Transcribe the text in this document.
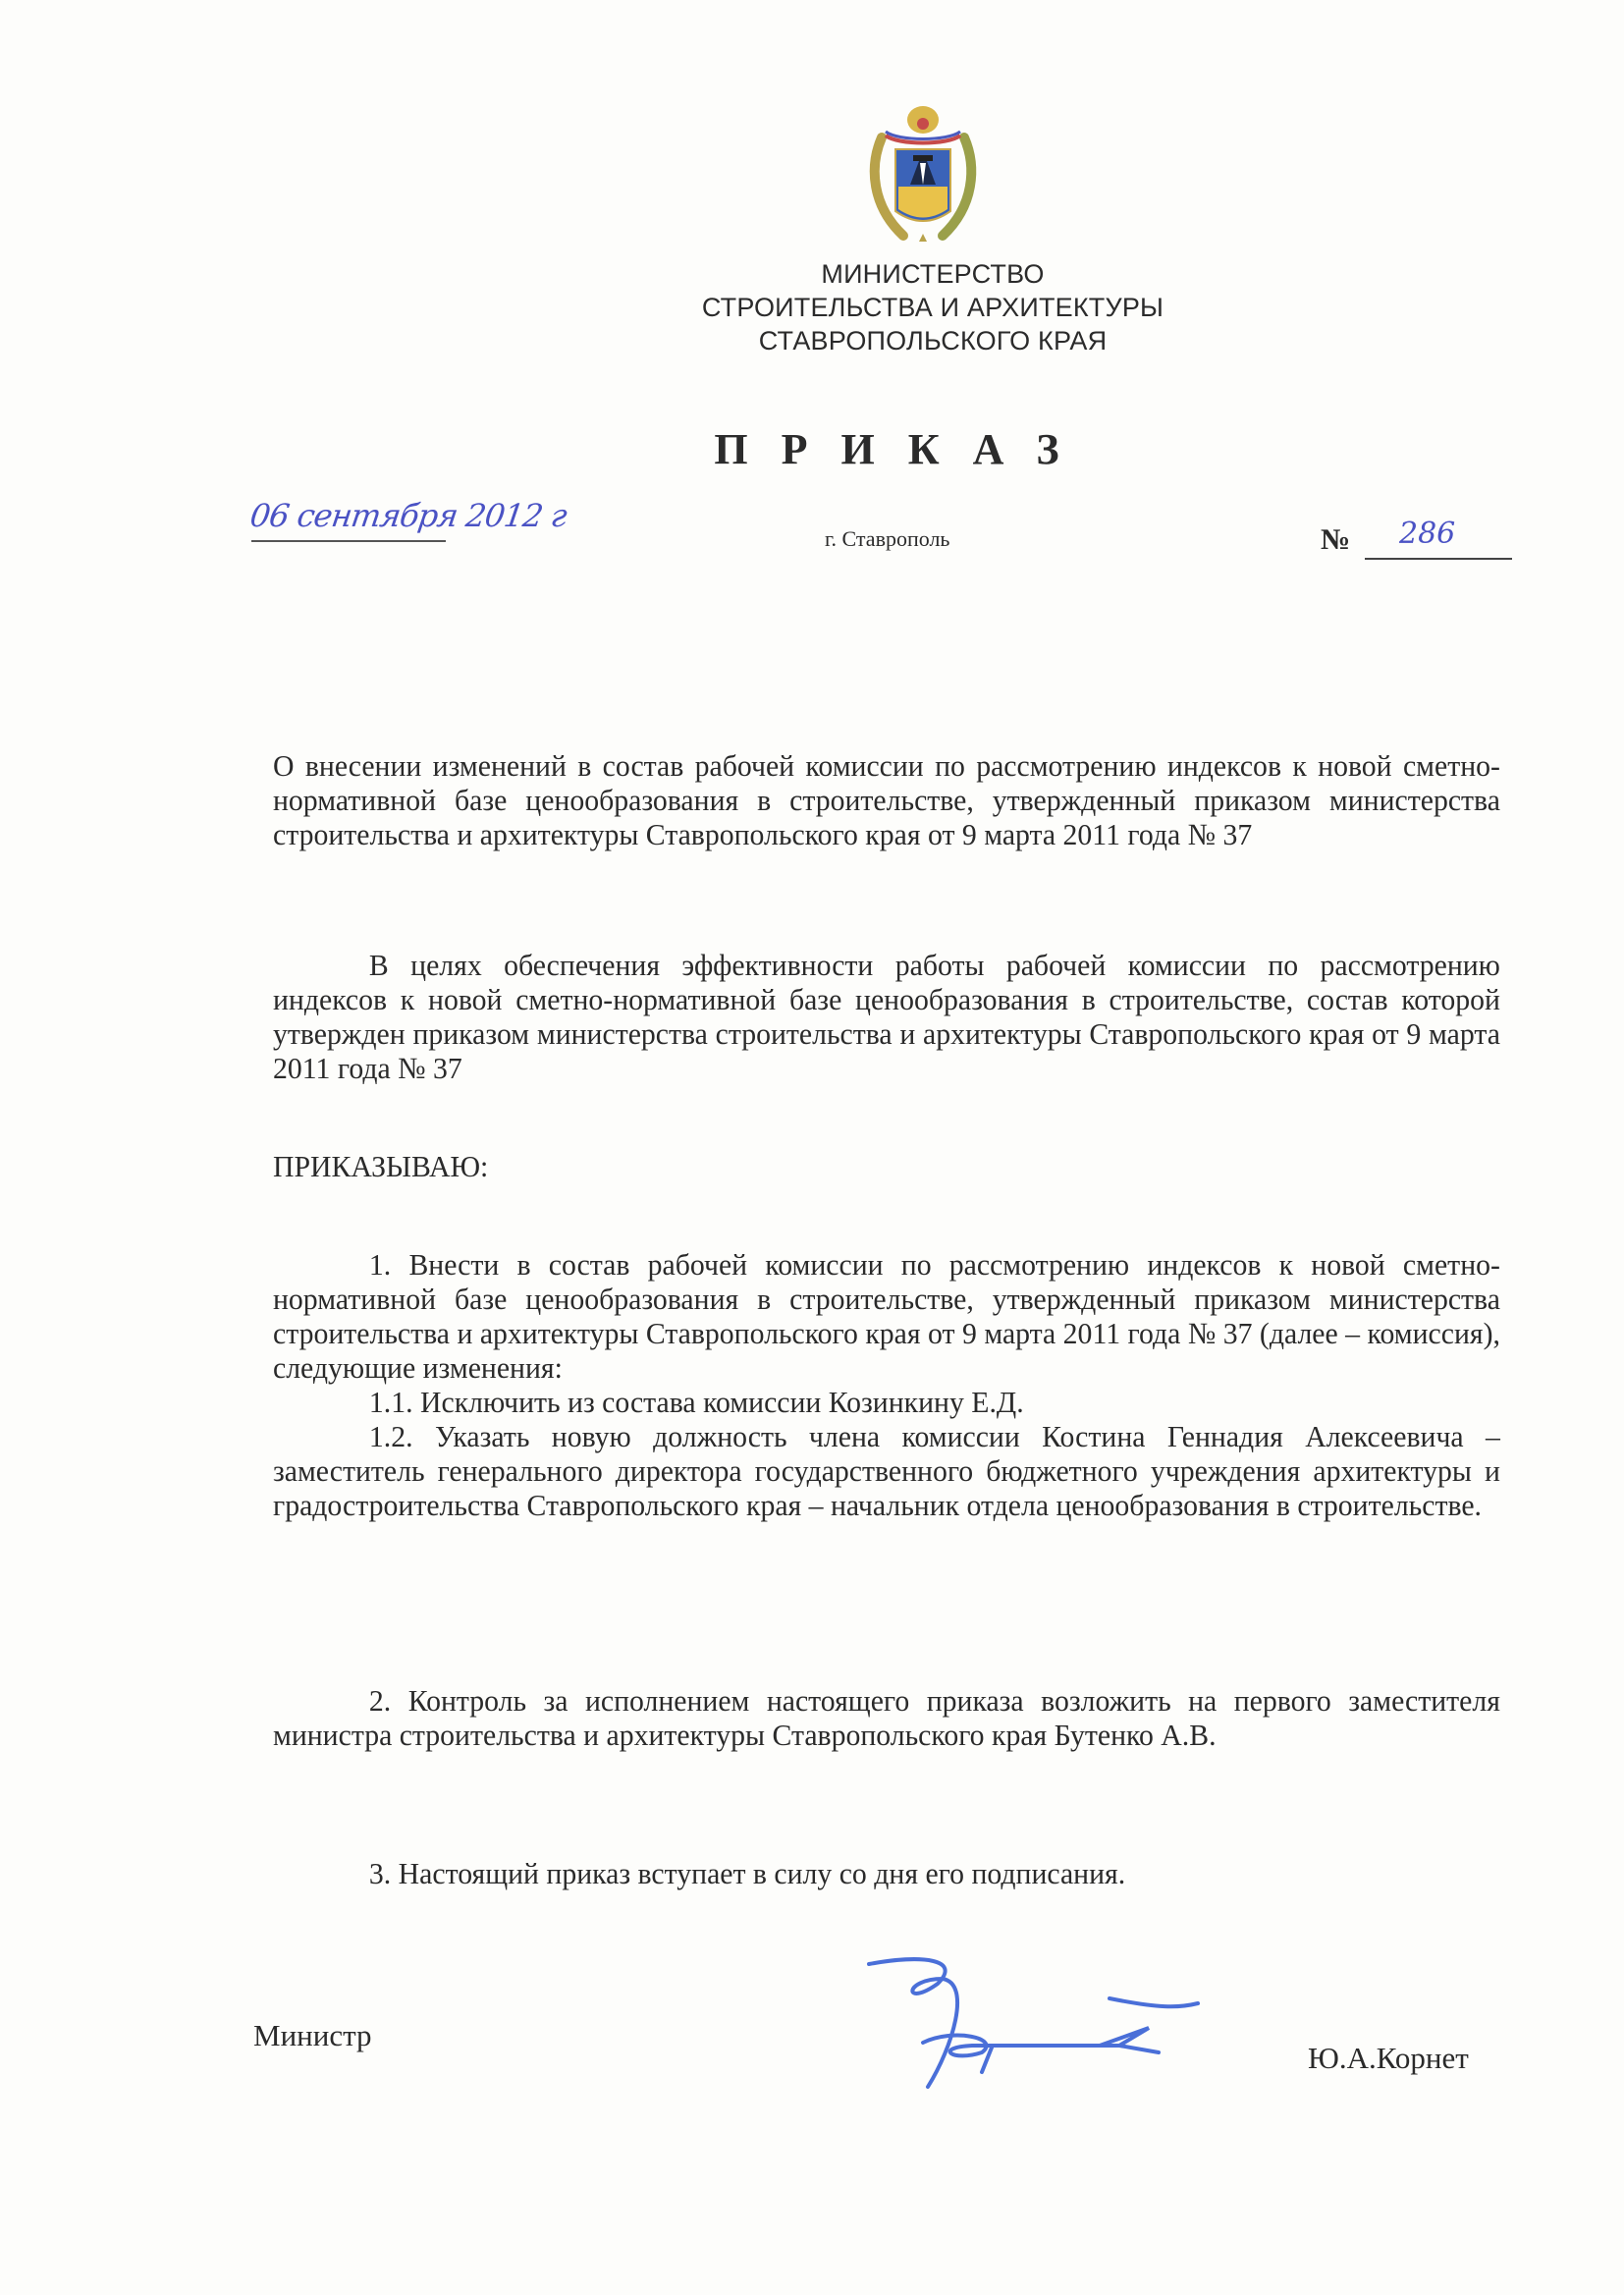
МИНИСТЕРСТВО
СТРОИТЕЛЬСТВА И АРХИТЕКТУРЫ
СТАВРОПОЛЬСКОГО КРАЯ
ПРИКАЗ
06 сентября 2012 г
г. Ставрополь	№ 286
О внесении изменений в состав рабочей комиссии по рассмотрению индексов к новой сметно-нормативной базе ценообразования в строительстве, утвержденный приказом министерства строительства и архитектуры Ставропольского края от 9 марта 2011 года № 37
В целях обеспечения эффективности работы рабочей комиссии по рассмотрению индексов к новой сметно-нормативной базе ценообразования в строительстве, состав которой утвержден приказом министерства строительства и архитектуры Ставропольского края от 9 марта 2011 года № 37
ПРИКАЗЫВАЮ:
1. Внести в состав рабочей комиссии по рассмотрению индексов к новой сметно-нормативной базе ценообразования в строительстве, утвержденный приказом министерства строительства и архитектуры Ставропольского края от 9 марта 2011 года № 37 (далее – комиссия), следующие изменения:
1.1. Исключить из состава комиссии Козинкину Е.Д.
1.2. Указать новую должность члена комиссии Костина Геннадия Алексеевича – заместитель генерального директора государственного бюджетного учреждения архитектуры и градостроительства Ставропольского края – начальник отдела ценообразования в строительстве.
2. Контроль за исполнением настоящего приказа возложить на первого заместителя министра строительства и архитектуры Ставропольского края Бутенко А.В.
3. Настоящий приказ вступает в силу со дня его подписания.
Министр
Ю.А.Корнет
